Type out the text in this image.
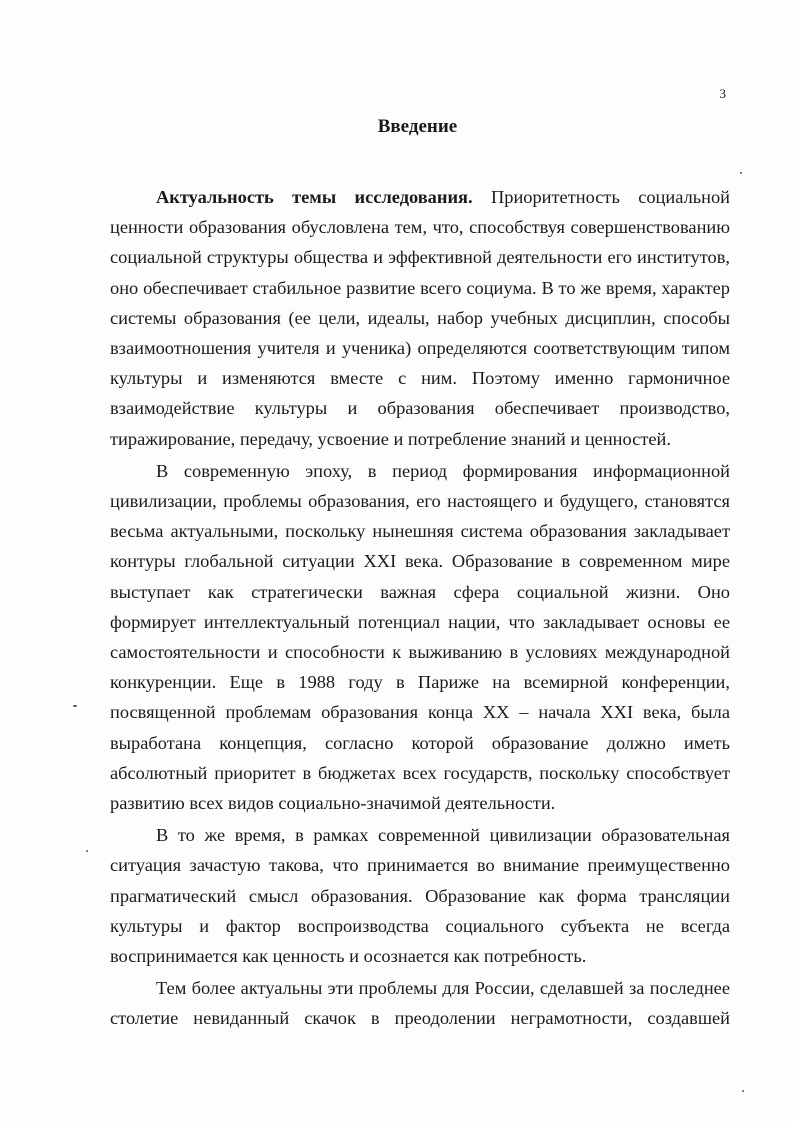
3
Введение

Актуальность темы исследования. Приоритетность социальной ценности образования обусловлена тем, что, способствуя совершенствованию социальной структуры общества и эффективной деятельности его институтов, оно обеспечивает стабильное развитие всего социума. В то же время, характер системы образования (ее цели, идеалы, набор учебных дисциплин, способы взаимоотношения учителя и ученика) определяются соответствующим типом культуры и изменяются вместе с ним. Поэтому именно гармоничное взаимодействие культуры и образования обеспечивает производство, тиражирование, передачу, усвоение и потребление знаний и ценностей.

В современную эпоху, в период формирования информационной цивилизации, проблемы образования, его настоящего и будущего, становятся весьма актуальными, поскольку нынешняя система образования закладывает контуры глобальной ситуации XXI века. Образование в современном мире выступает как стратегически важная сфера социальной жизни. Оно формирует интеллектуальный потенциал нации, что закладывает основы ее самостоятельности и способности к выживанию в условиях международной конкуренции. Еще в 1988 году в Париже на всемирной конференции, посвященной проблемам образования конца XX – начала XXI века, была выработана концепция, согласно которой образование должно иметь абсолютный приоритет в бюджетах всех государств, поскольку способствует развитию всех видов социально-значимой деятельности.

В то же время, в рамках современной цивилизации образовательная ситуация зачастую такова, что принимается во внимание преимущественно прагматический смысл образования. Образование как форма трансляции культуры и фактор воспроизводства социального субъекта не всегда воспринимается как ценность и осознается как потребность.

Тем более актуальны эти проблемы для России, сделавшей за последнее столетие невиданный скачок в преодолении неграмотности, создавшей
